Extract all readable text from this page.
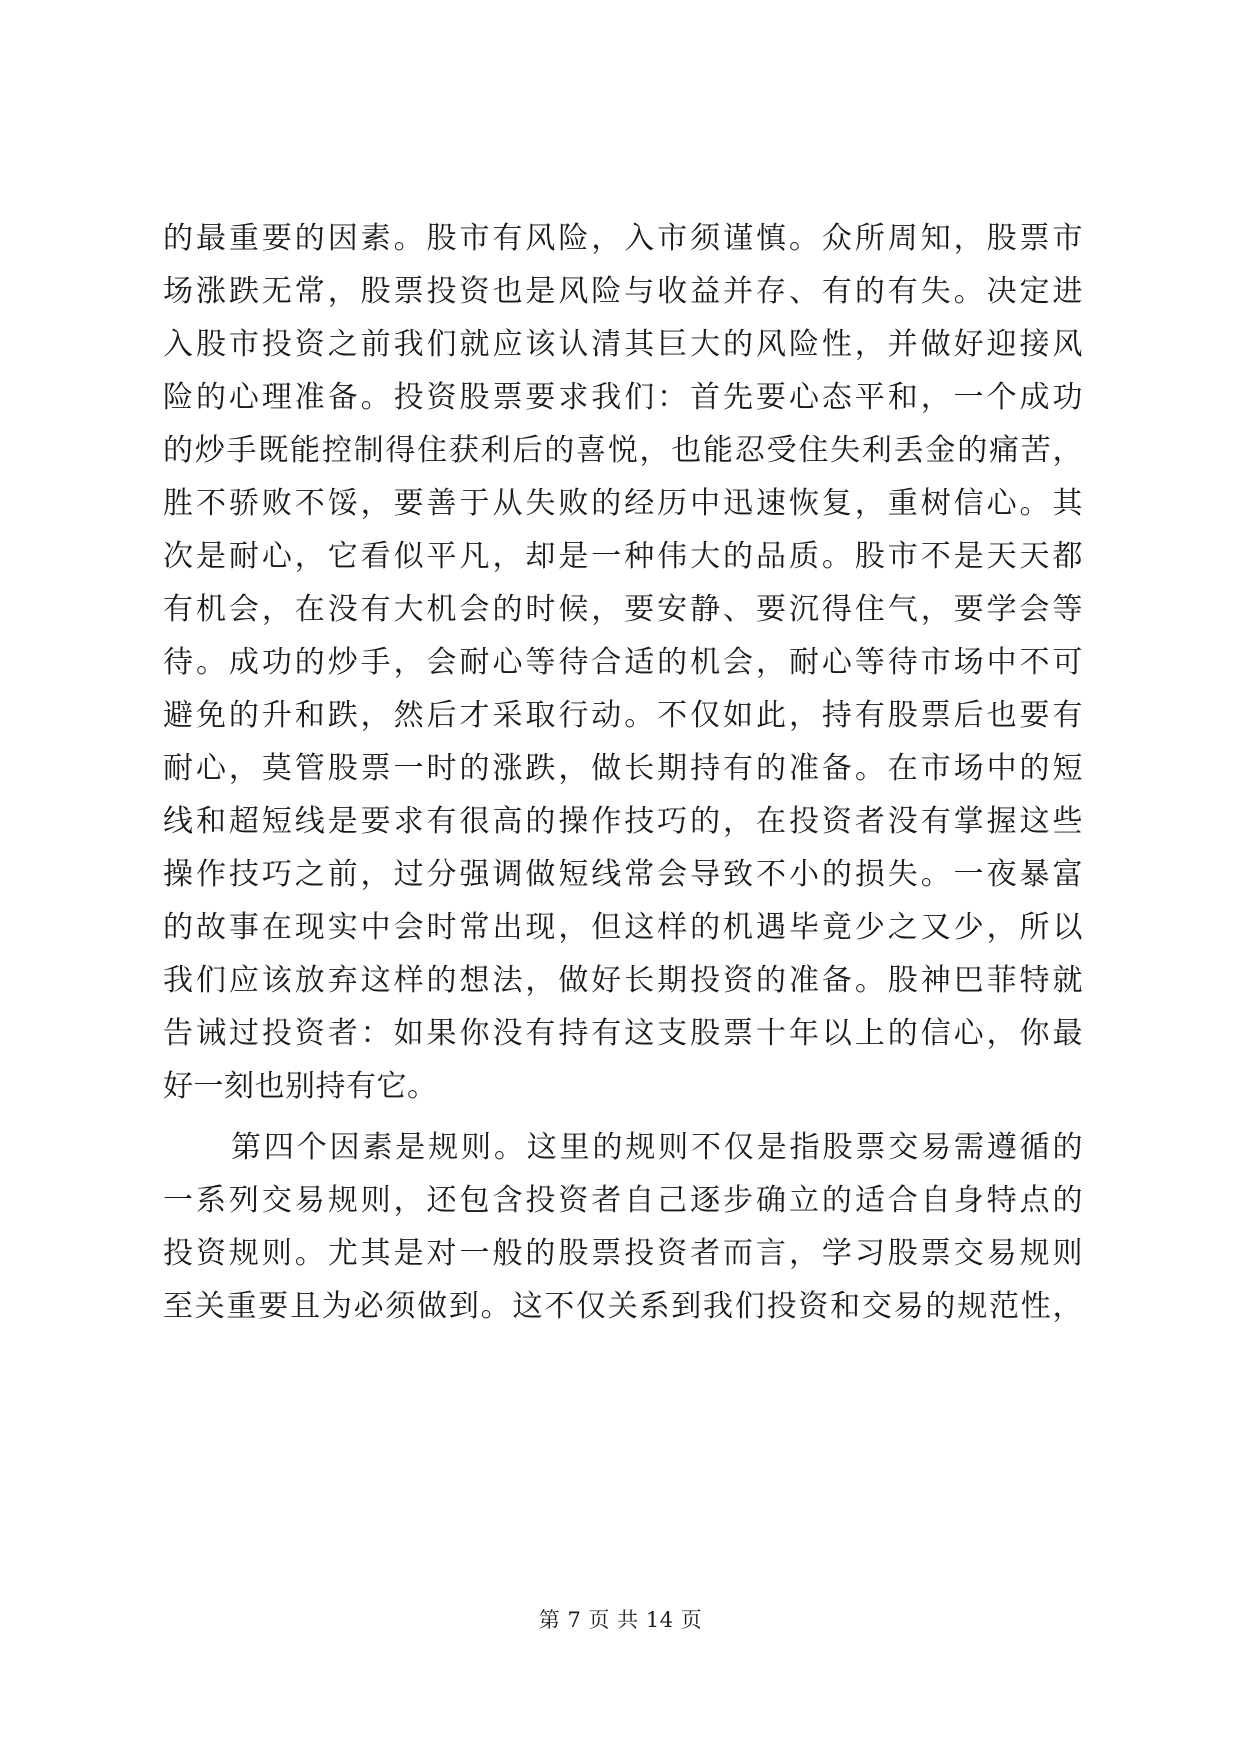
的最重要的因素。股市有风险，入市须谨慎。众所周知，股票市
场涨跌无常，股票投资也是风险与收益并存、有的有失。决定进
入股市投资之前我们就应该认清其巨大的风险性，并做好迎接风
险的心理准备。投资股票要求我们：首先要心态平和，一个成功
的炒手既能控制得住获利后的喜悦，也能忍受住失利丢金的痛苦，
胜不骄败不馁，要善于从失败的经历中迅速恢复，重树信心。其
次是耐心，它看似平凡，却是一种伟大的品质。股市不是天天都
有机会，在没有大机会的时候，要安静、要沉得住气，要学会等
待。成功的炒手，会耐心等待合适的机会，耐心等待市场中不可
避免的升和跌，然后才采取行动。不仅如此，持有股票后也要有
耐心，莫管股票一时的涨跌，做长期持有的准备。在市场中的短
线和超短线是要求有很高的操作技巧的，在投资者没有掌握这些
操作技巧之前，过分强调做短线常会导致不小的损失。一夜暴富
的故事在现实中会时常出现，但这样的机遇毕竟少之又少，所以
我们应该放弃这样的想法，做好长期投资的准备。股神巴菲特就
告诫过投资者：如果你没有持有这支股票十年以上的信心，你最
好一刻也别持有它。
第四个因素是规则。这里的规则不仅是指股票交易需遵循的
一系列交易规则，还包含投资者自己逐步确立的适合自身特点的
投资规则。尤其是对一般的股票投资者而言，学习股票交易规则
至关重要且为必须做到。这不仅关系到我们投资和交易的规范性，
第 7 页 共 14 页
